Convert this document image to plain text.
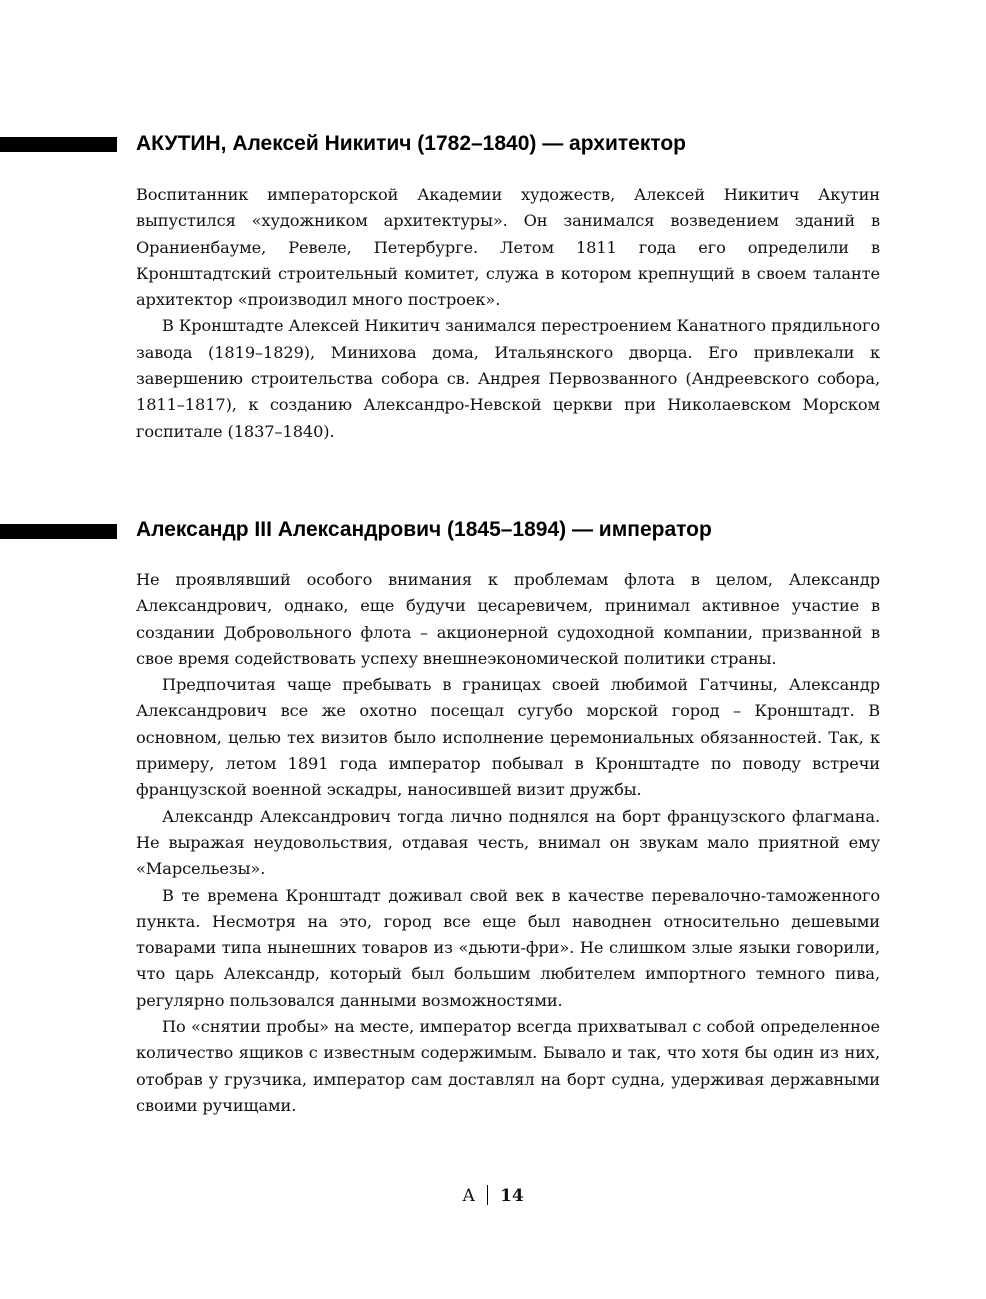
АКУТИН, Алексей Никитич (1782–1840) — архитектор

Воспитанник императорской Академии художеств, Алексей Никитич Акутин выпустился «художником архитектуры». Он занимался возведением зданий в Ораниенбауме, Ревеле, Петербурге. Летом 1811 года его определили в Кронштадтский строительный комитет, служа в котором крепнущий в своем таланте архитектор «производил много построек».

В Кронштадте Алексей Никитич занимался перестроением Канатного прядильного завода (1819–1829), Минихова дома, Итальянского дворца. Его привлекали к завершению строительства собора св. Андрея Первозванного (Андреевского собора, 1811–1817), к созданию Александро-Невской церкви при Николаевском Морском госпитале (1837–1840).

Александр III Александрович (1845–1894) — император

Не проявлявший особого внимания к проблемам флота в целом, Александр Александрович, однако, еще будучи цесаревичем, принимал активное участие в создании Добровольного флота – акционерной судоходной компании, призванной в свое время содействовать успеху внешнеэкономической политики страны.

Предпочитая чаще пребывать в границах своей любимой Гатчины, Александр Александрович все же охотно посещал сугубо морской город – Кронштадт. В основном, целью тех визитов было исполнение церемониальных обязанностей. Так, к примеру, летом 1891 года император побывал в Кронштадте по поводу встречи французской военной эскадры, наносившей визит дружбы.

Александр Александрович тогда лично поднялся на борт французского флагмана. Не выражая неудовольствия, отдавая честь, внимал он звукам мало приятной ему «Марсельезы».

В те времена Кронштадт доживал свой век в качестве перевалочно-таможенного пункта. Несмотря на это, город все еще был наводнен относительно дешевыми товарами типа нынешних товаров из «дьюти-фри». Не слишком злые языки говорили, что царь Александр, который был большим любителем импортного темного пива, регулярно пользовался данными возможностями.

По «снятии пробы» на месте, император всегда прихватывал с собой определенное количество ящиков с известным содержимым. Бывало и так, что хотя бы один из них, отобрав у грузчика, император сам доставлял на борт судна, удерживая державными своими ручищами.

А 14
